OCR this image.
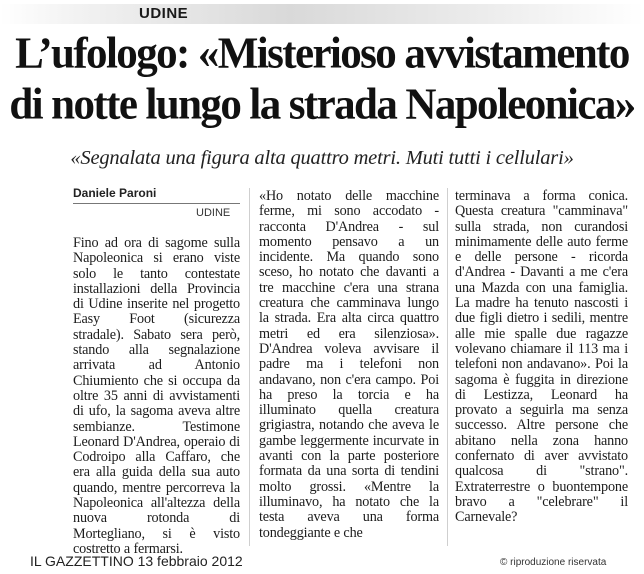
UDINE
L’ufologo: «Misterioso avvistamento di notte lungo la strada Napoleonica»
«Segnalata una figura alta quattro metri. Muti tutti i cellulari»
Daniele Paroni
UDINE

Fino ad ora di sagome sulla Napoleonica si erano viste solo le tanto contestate installazioni della Provincia di Udine inserite nel progetto Easy Foot (sicurezza stradale). Sabato sera però, stando alla segnalazione arrivata ad Antonio Chiumiento che si occupa da oltre 35 anni di avvistamenti di ufo, la sagoma aveva altre sembianze. Testimone Leonard D'Andrea, operaio di Codroipo alla Caffaro, che era alla guida della sua auto quando, mentre percorreva la Napoleonica all'altezza della nuova rotonda di Mortegliano, si è visto costretto a fermarsi.

«Ho notato delle macchine ferme, mi sono accodato - racconta D'Andrea - sul momento pensavo a un incidente. Ma quando sono sceso, ho notato che davanti a tre macchine c'era una strana creatura che camminava lungo la strada. Era alta circa quattro metri ed era silenziosa». D'Andrea voleva avvisare il padre ma i telefoni non andavano, non c'era campo. Poi ha preso la torcia e ha illuminato quella creatura grigiastra, notando che aveva le gambe leggermente incurvate in avanti con la parte posteriore formata da una sorta di tendini molto grossi. «Mentre la illuminavo, ha notato che la testa aveva una forma tondeggiante e che

terminava a forma conica. Questa creatura "camminava" sulla strada, non curandosi minimamente delle auto ferme e delle persone - ricorda d'Andrea - Davanti a me c'era una Mazda con una famiglia. La madre ha tenuto nascosti i due figli dietro i sedili, mentre alle mie spalle due ragazze volevano chiamare il 113 ma i telefoni non andavano». Poi la sagoma è fuggita in direzione di Lestizza, Leonard ha provato a seguirla ma senza successo. Altre persone che abitano nella zona hanno confernato di aver avvistato qualcosa di "strano". Extraterrestre o buontempone bravo a "celebrare" il Carnevale?

© riproduzione riservata
IL GAZZETTINO 13 febbraio 2012
